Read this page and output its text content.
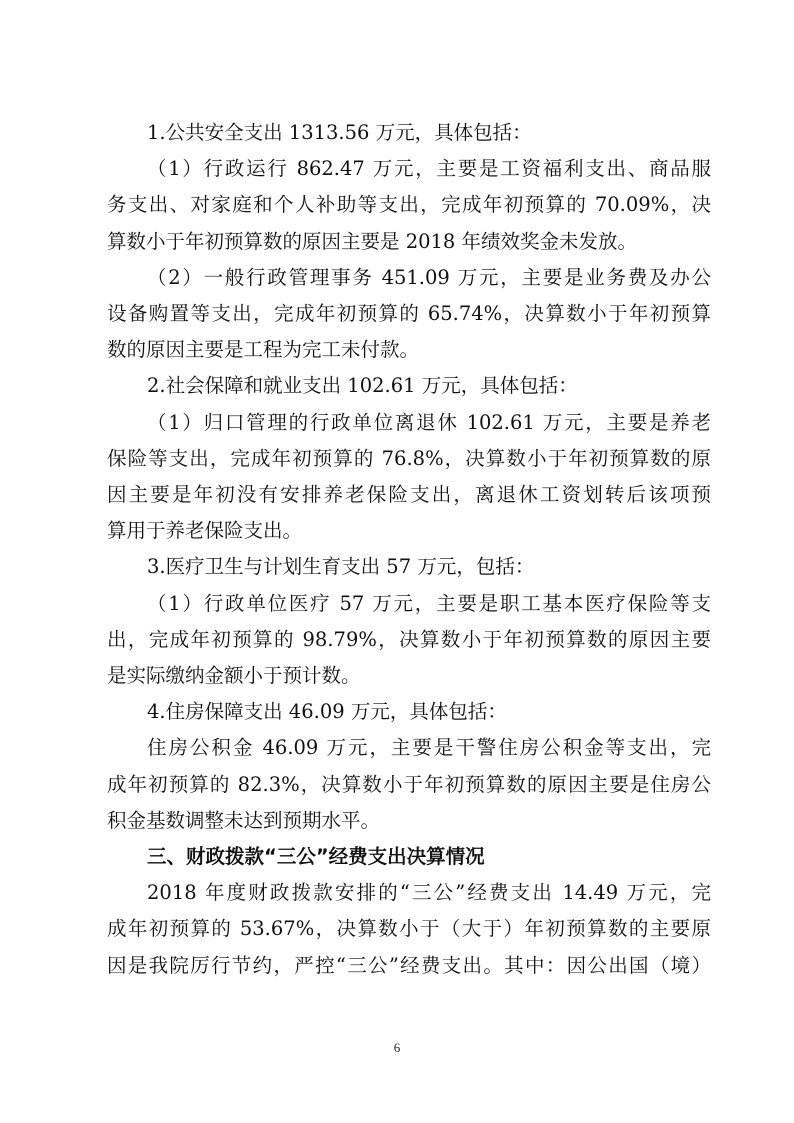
1.公共安全支出 1313.56 万元，具体包括：
（1）行政运行 862.47 万元，主要是工资福利支出、商品服
务支出、对家庭和个人补助等支出，完成年初预算的 70.09%，决
算数小于年初预算数的原因主要是 2018 年绩效奖金未发放。
（2）一般行政管理事务 451.09 万元，主要是业务费及办公
设备购置等支出，完成年初预算的 65.74%，决算数小于年初预算
数的原因主要是工程为完工未付款。
2.社会保障和就业支出 102.61 万元，具体包括：
（1）归口管理的行政单位离退休 102.61 万元，主要是养老
保险等支出，完成年初预算的 76.8%，决算数小于年初预算数的原
因主要是年初没有安排养老保险支出，离退休工资划转后该项预
算用于养老保险支出。
3.医疗卫生与计划生育支出 57 万元，包括：
（1）行政单位医疗 57 万元，主要是职工基本医疗保险等支
出，完成年初预算的 98.79%，决算数小于年初预算数的原因主要
是实际缴纳金额小于预计数。
4.住房保障支出 46.09 万元，具体包括：
住房公积金 46.09 万元，主要是干警住房公积金等支出，完
成年初预算的 82.3%，决算数小于年初预算数的原因主要是住房公
积金基数调整未达到预期水平。
三、财政拨款“三公”经费支出决算情况
2018 年度财政拨款安排的“三公”经费支出 14.49 万元，完
成年初预算的 53.67%，决算数小于（大于）年初预算数的主要原
因是我院厉行节约，严控“三公”经费支出。其中：因公出国（境）
6
